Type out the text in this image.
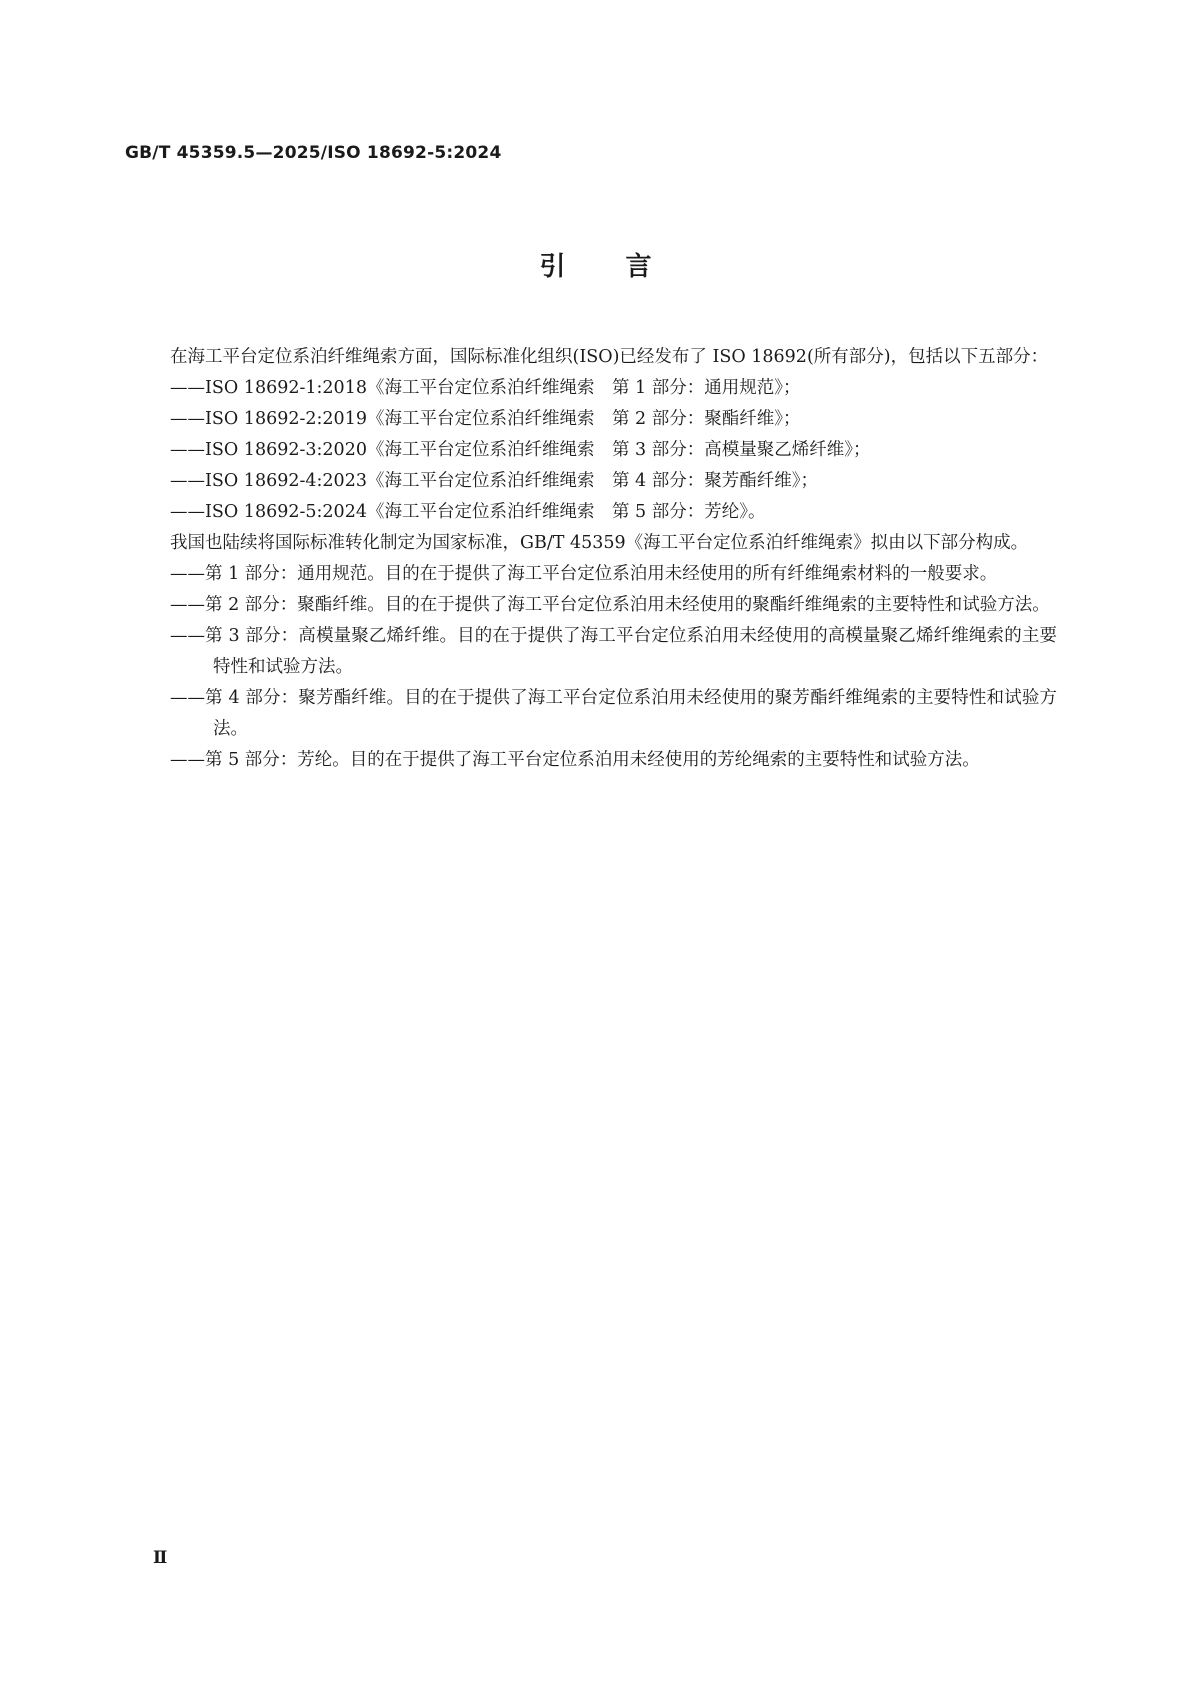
GB/T 45359.5—2025/ISO 18692-5:2024
引言
在海工平台定位系泊纤维绳索方面，国际标准化组织(ISO)已经发布了 ISO 18692(所有部分)，包括以下五部分：
——ISO 18692-1:2018《海工平台定位系泊纤维绳索　第 1 部分：通用规范》；
——ISO 18692-2:2019《海工平台定位系泊纤维绳索　第 2 部分：聚酯纤维》；
——ISO 18692-3:2020《海工平台定位系泊纤维绳索　第 3 部分：高模量聚乙烯纤维》；
——ISO 18692-4:2023《海工平台定位系泊纤维绳索　第 4 部分：聚芳酯纤维》；
——ISO 18692-5:2024《海工平台定位系泊纤维绳索　第 5 部分：芳纶》。
我国也陆续将国际标准转化制定为国家标准，GB/T 45359《海工平台定位系泊纤维绳索》拟由以下部分构成。
——第 1 部分：通用规范。目的在于提供了海工平台定位系泊用未经使用的所有纤维绳索材料的一般要求。
——第 2 部分：聚酯纤维。目的在于提供了海工平台定位系泊用未经使用的聚酯纤维绳索的主要特性和试验方法。
——第 3 部分：高模量聚乙烯纤维。目的在于提供了海工平台定位系泊用未经使用的高模量聚乙烯纤维绳索的主要特性和试验方法。
——第 4 部分：聚芳酯纤维。目的在于提供了海工平台定位系泊用未经使用的聚芳酯纤维绳索的主要特性和试验方法。
——第 5 部分：芳纶。目的在于提供了海工平台定位系泊用未经使用的芳纶绳索的主要特性和试验方法。
Ⅱ
